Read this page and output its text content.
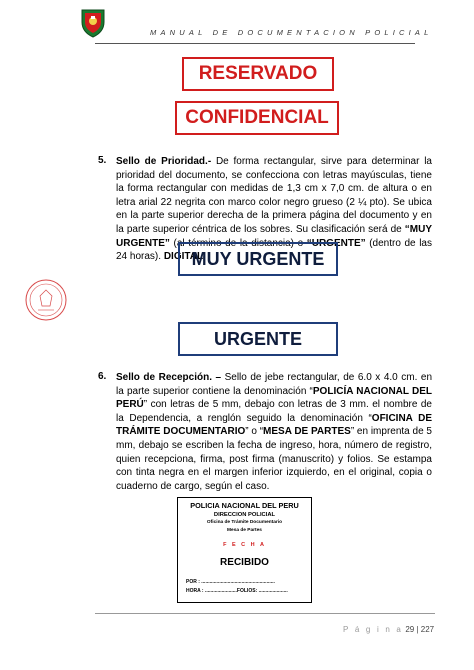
MANUAL DE DOCUMENTACION POLICIAL
RESERVADO
CONFIDENCIAL
5. Sello de Prioridad.- De forma rectangular, sirve para determinar la prioridad del documento, se confecciona con letras mayúsculas, tiene la forma rectangular con medidas de 1,3 cm x 7,0 cm. de altura o en letra arial 22 negrita con marco color negro grueso (2 ¼ pto). Se ubica en la parte superior derecha de la primera página del documento y en la parte superior céntrica de los sobres. Su clasificación será de “MUY URGENTE” (al término de la distancia) o “URGENTE” (dentro de las 24 horas). DIGITAL
MUY URGENTE
URGENTE
6. Sello de Recepción. – Sello de jebe rectangular, de 6.0 x 4.0 cm. en la parte superior contiene la denominación “POLICÍA NACIONAL DEL PERÚ” con letras de 5 mm, debajo con letras de 3 mm. el nombre de la Dependencia, a renglón seguido la denominación “OFICINA DE TRÁMITE DOCUMENTARIO” o “MESA DE PARTES” en imprenta de 5 mm, debajo se escriben la fecha de ingreso, hora, número de registro, quien recepciona, firma, post firma (manuscrito) y folios. Se estampa con tinta negra en el margen inferior izquierdo, en el original, copia o cuaderno de cargo, según el caso.
POLICIA NACIONAL DEL PERU
DIRECCION POLICIAL
Oficina de Trámite Documentario
Mesa de Partes
F E C H A
RECIBIDO
POR : .....................................................
HORA : .......................FOLIOS: .....................
P á g i n a 29 | 227
